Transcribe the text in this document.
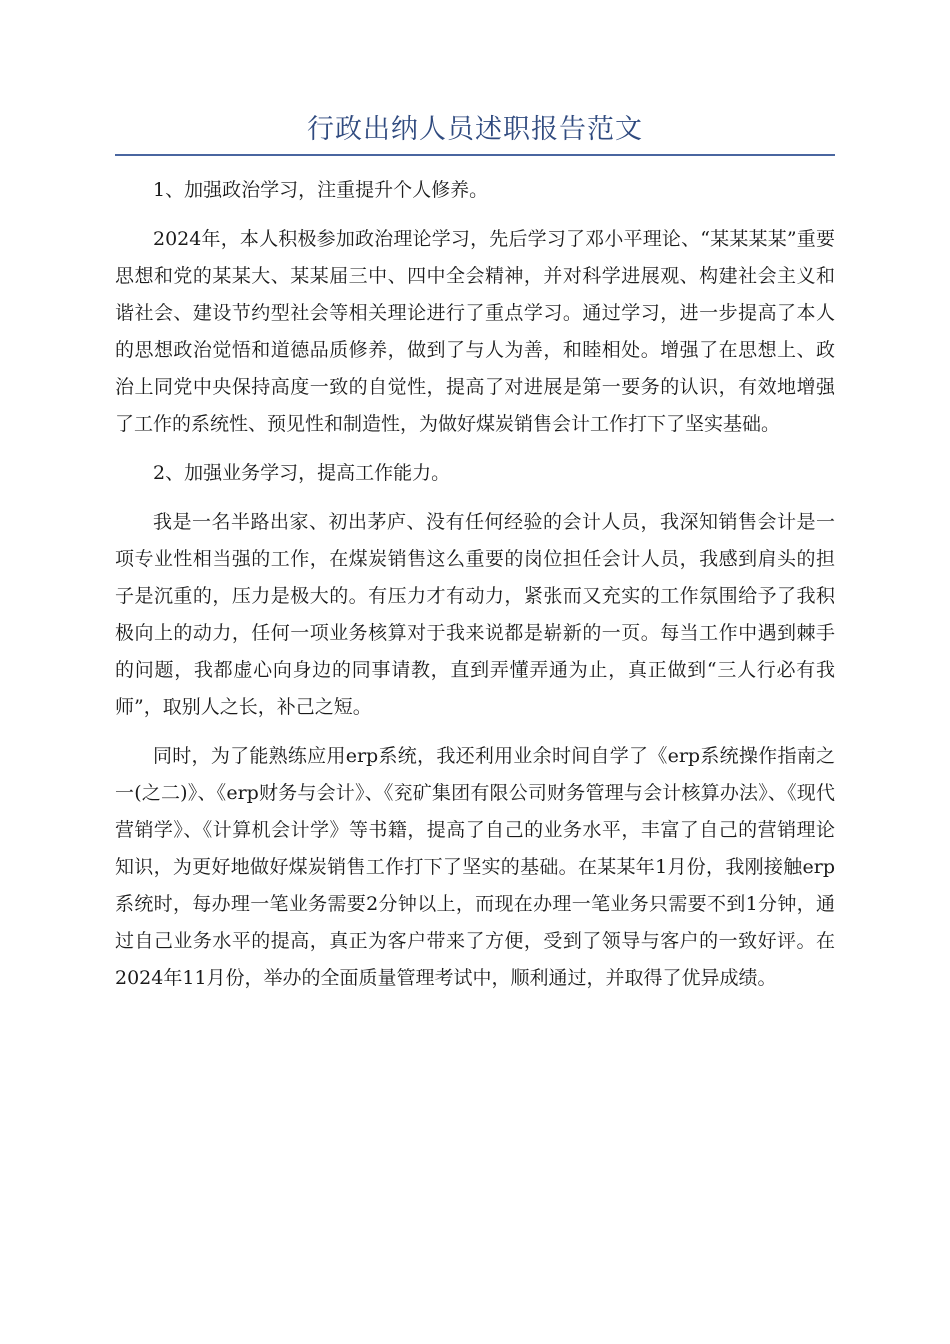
行政出纳人员述职报告范文

1、加强政治学习，注重提升个人修养。

2024年，本人积极参加政治理论学习，先后学习了邓小平理论、“某某某某”重要思想和党的某某大、某某届三中、四中全会精神，并对科学进展观、构建社会主义和谐社会、建设节约型社会等相关理论进行了重点学习。通过学习，进一步提高了本人的思想政治觉悟和道德品质修养，做到了与人为善，和睦相处。增强了在思想上、政治上同党中央保持高度一致的自觉性，提高了对进展是第一要务的认识，有效地增强了工作的系统性、预见性和制造性，为做好煤炭销售会计工作打下了坚实基础。

2、加强业务学习，提高工作能力。

我是一名半路出家、初出茅庐、没有任何经验的会计人员，我深知销售会计是一项专业性相当强的工作，在煤炭销售这么重要的岗位担任会计人员，我感到肩头的担子是沉重的，压力是极大的。有压力才有动力，紧张而又充实的工作氛围给予了我积极向上的动力，任何一项业务核算对于我来说都是崭新的一页。每当工作中遇到棘手的问题，我都虚心向身边的同事请教，直到弄懂弄通为止，真正做到“三人行必有我师”，取别人之长，补己之短。

同时，为了能熟练应用erp系统，我还利用业余时间自学了《erp系统操作指南之一(之二)》、《erp财务与会计》、《兖矿集团有限公司财务管理与会计核算办法》、《现代营销学》、《计算机会计学》等书籍，提高了自己的业务水平，丰富了自己的营销理论知识，为更好地做好煤炭销售工作打下了坚实的基础。在某某年1月份，我刚接触erp系统时，每办理一笔业务需要2分钟以上，而现在办理一笔业务只需要不到1分钟，通过自己业务水平的提高，真正为客户带来了方便，受到了领导与客户的一致好评。在2024年11月份，举办的全面质量管理考试中，顺利通过，并取得了优异成绩。
